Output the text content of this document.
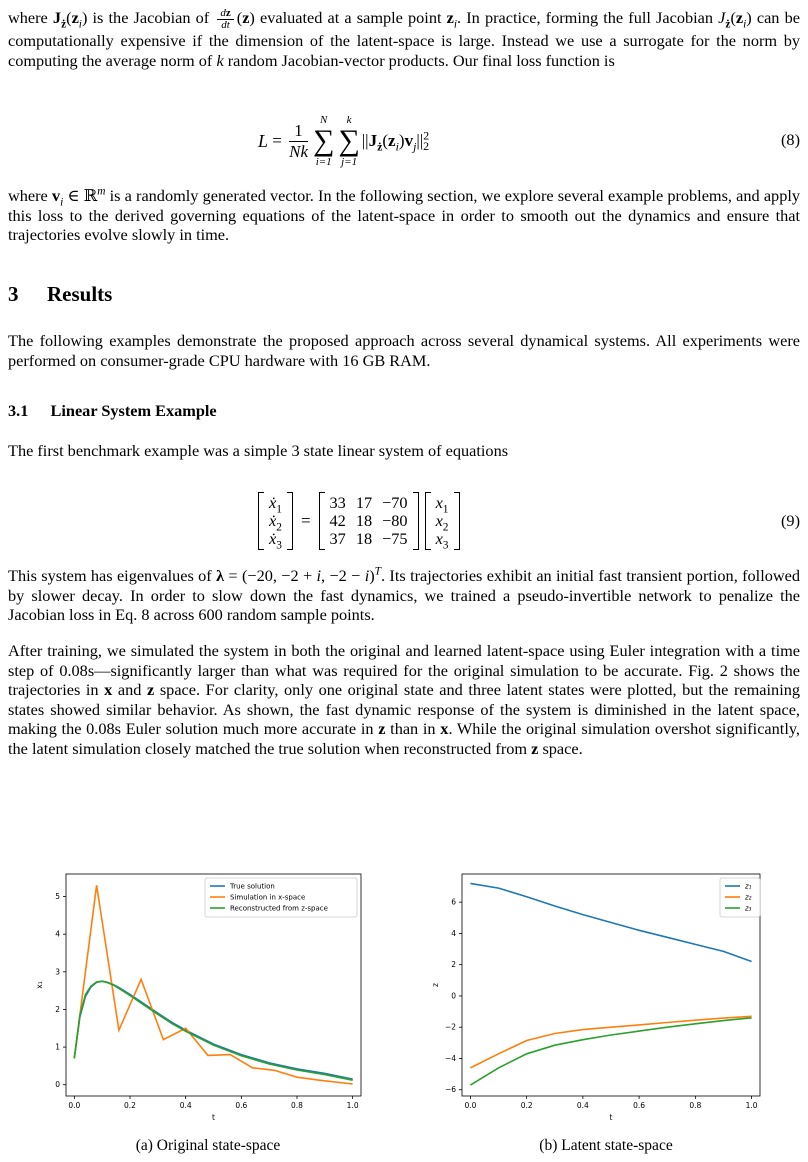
where $J_ż(z_i)$ is the Jacobian of $\frac{dz}{dt} (z)$ evaluated at a sample point $z_i$. In practice, forming the full Jacobian $J_ż(z_i)$ can be computationally expensive if the dimension of the latent-space is large. Instead we use a surrogate for the norm by computing the average norm of k random Jacobian-vector products. Our final loss function is

$L = \frac{1}{Nk}$
N
∑
i=1
k
∑
j=1
$||J_ż(z_i)v_j||^2_2$	(8)

where $v_i$ ∈ ℝ$^m$ is a randomly generated vector. In the following section, we explore several example problems, and apply this loss to the derived governing equations of the latent-space in order to smooth out the dynamics and ensure that trajectories evolve slowly in time.

3 Results

The following examples demonstrate the proposed approach across several dynamical systems. All experiments were performed on consumer-grade CPU hardware with 16 GB RAM.

3.1 Linear System Example

The first benchmark example was a simple 3 state linear system of equations

ẋ$_1$
ẋ$_2$
ẋ$_3$
=
33	17	−70
42	18	−80
37	18	−75
$x_1$
$x_2$
$x_3$
(9)

This system has eigenvalues of λ = (−20, −2 + i, −2 − i)$^T$. Its trajectories exhibit an initial fast transient portion, followed by slower decay. In order to slow down the fast dynamics, we trained a pseudo-invertible network to penalize the Jacobian loss in Eq. 8 across 600 random sample points.

After training, we simulated the system in both the original and learned latent-space using Euler integration with a time step of 0.08s—significantly larger than what was required for the original simulation to be accurate. Fig. 2 shows the trajectories in x and z space. For clarity, only one original state and three latent states were plotted, but the remaining states showed similar behavior. As shown, the fast dynamic response of the system is diminished in the latent space, making the 0.08s Euler solution much more accurate in z than in x. While the original simulation overshot significantly, the latent simulation closely matched the true solution when reconstructed from z space.

0.0	0.2	0.4	0.6	0.8	1.0
0
1
2
3
4
5
t
x₁
True solution
Simulation in x-space
Reconstructed from z-space
(a) Original state-space
0.0	0.2	0.4	0.6	0.8	1.0
−6
−4
−2
0
2
4
6
t
z
z₁
z₂
z₃
(b) Latent state-space
